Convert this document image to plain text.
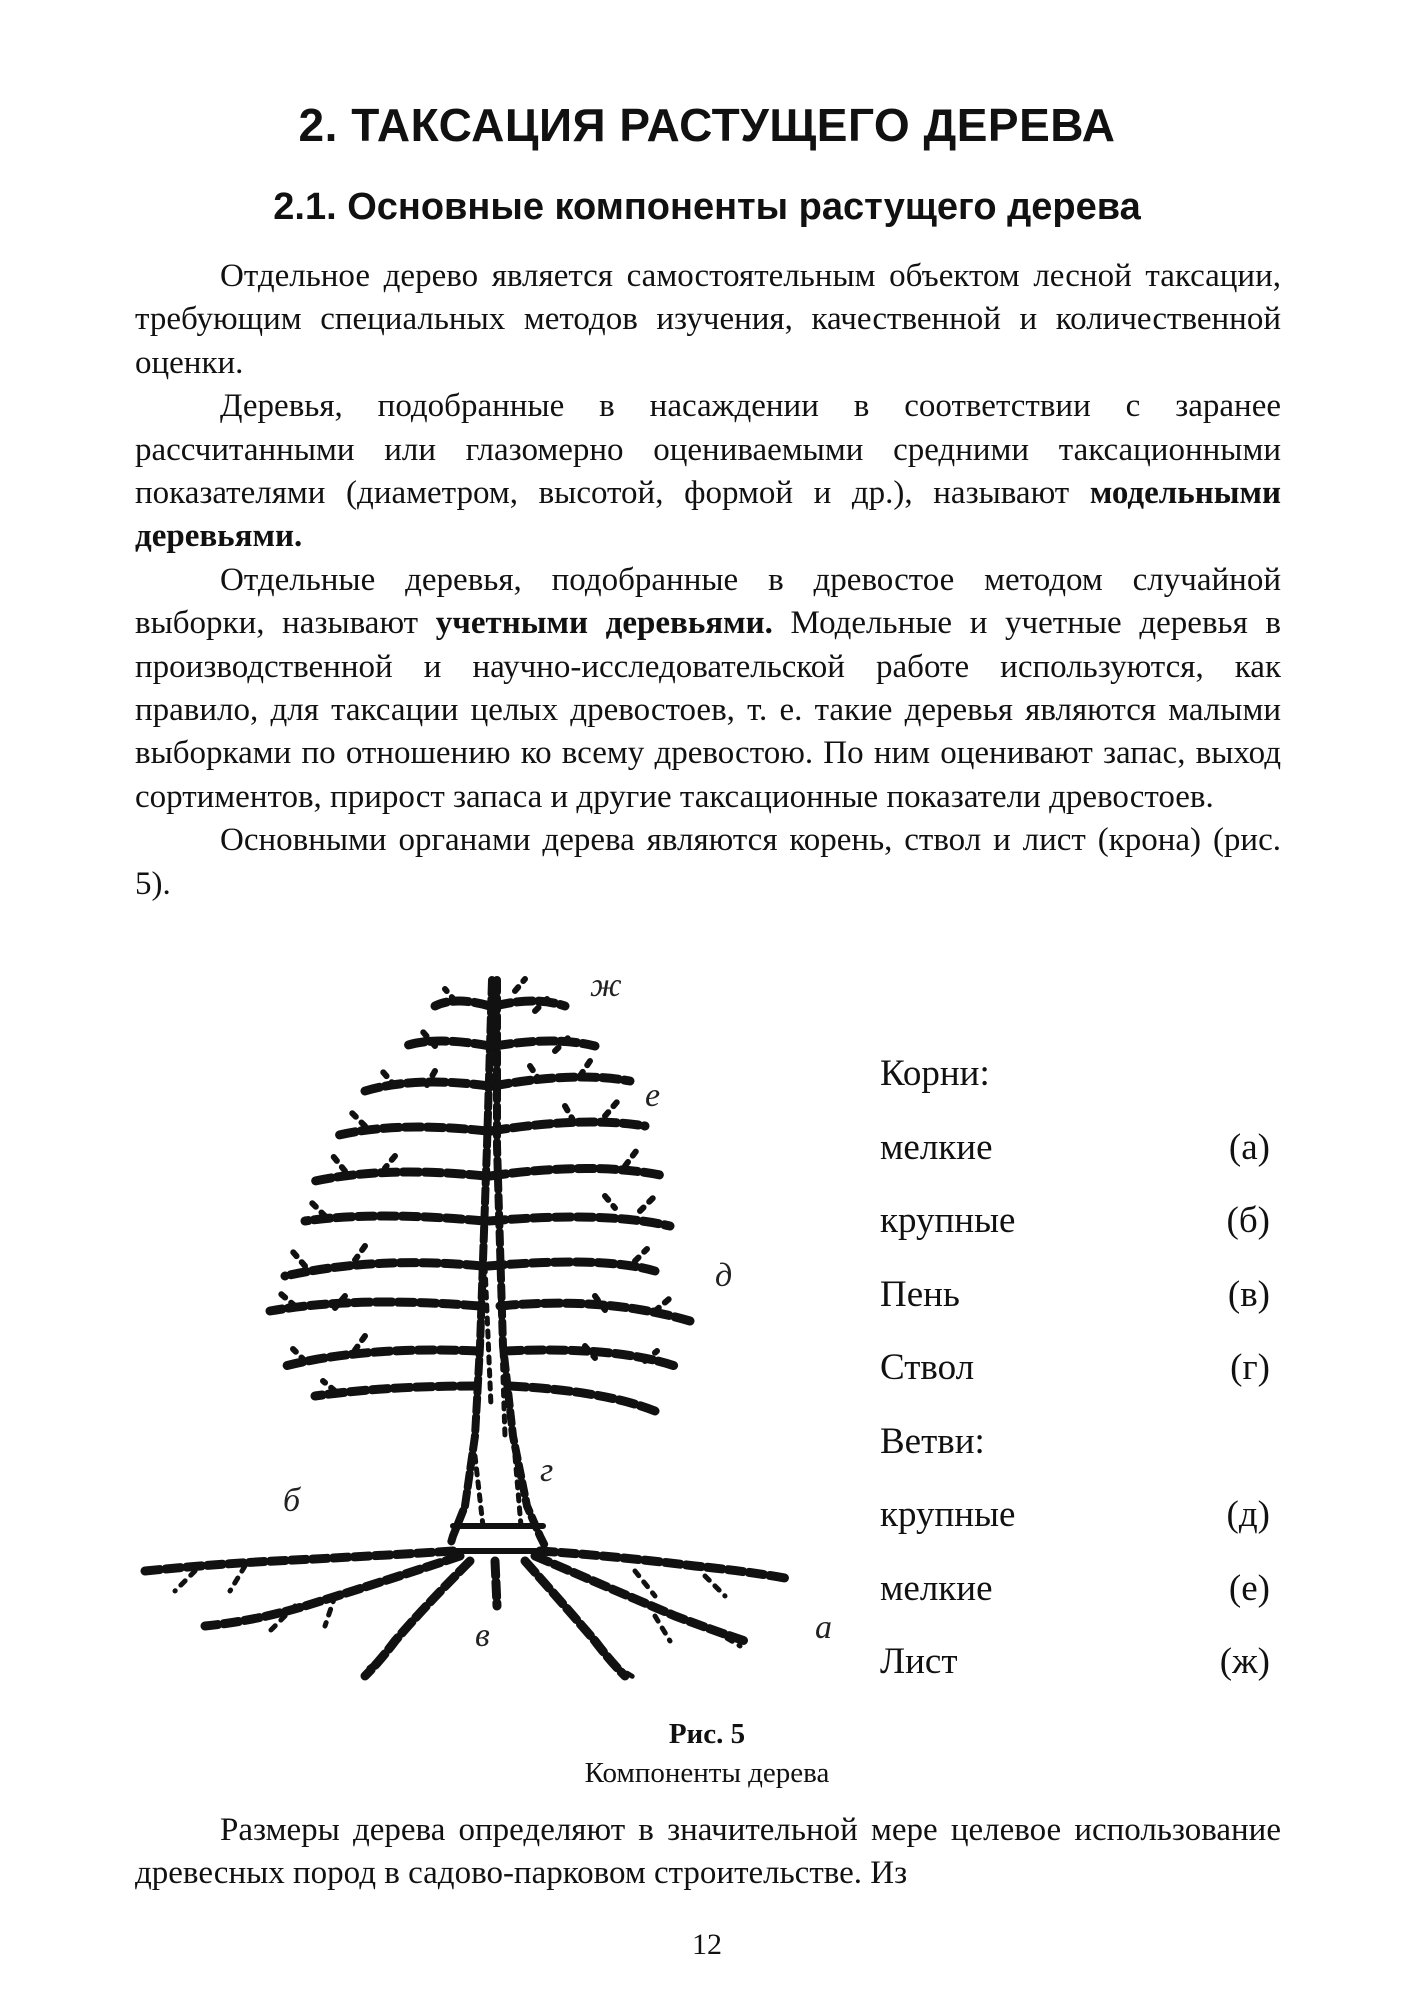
2. ТАКСАЦИЯ РАСТУЩЕГО ДЕРЕВА
2.1. Основные компоненты растущего дерева

Отдельное дерево является самостоятельным объектом лесной таксации, требующим специальных методов изучения, качественной и количественной оценки.

Деревья, подобранные в насаждении в соответствии с заранее рассчитанными или глазомерно оцениваемыми средними таксационными показателями (диаметром, высотой, формой и др.), называют модельными деревьями.

Отдельные деревья, подобранные в древостое методом случайной выборки, называют учетными деревьями. Модельные и учетные деревья в производственной и научно-исследовательской работе используются, как правило, для таксации целых древостоев, т. е. такие деревья являются малыми выборками по отношению ко всему древостою. По ним оценивают запас, выход сортиментов, прирост запаса и другие таксационные показатели древостоев.

Основными органами дерева являются корень, ствол и лист (крона) (рис. 5).

ж
е
д
г
б
в	а
Корни:
мелкие	(а)
крупные	(б)
Пень	(в)
Ствол	(г)
Ветви:
крупные	(д)
мелкие	(е)
Лист	(ж)
Рис. 5
Компоненты дерева

Размеры дерева определяют в значительной мере целевое использование древесных пород в садово-парковом строительстве. Из

12
